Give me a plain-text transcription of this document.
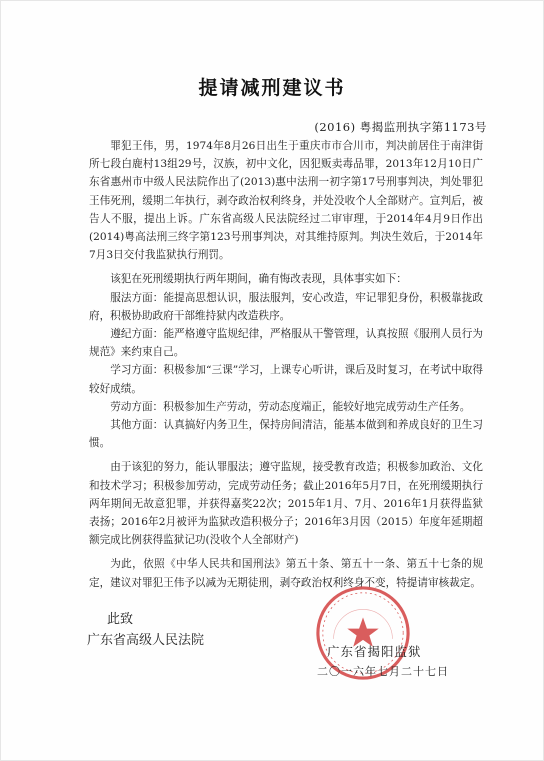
提请减刑建议书
(2016) 粤揭监刑执字第1173号

罪犯王伟，男，1974年8月26日出生于重庆市市合川市，判决前居住于南津街所七段白鹿村13组29号，汉族，初中文化，因犯贩卖毒品罪，2013年12月10日广东省惠州市中级人民法院作出了(2013)惠中法刑一初字第17号刑事判决，判处罪犯王伟死刑，缓期二年执行，剥夺政治权利终身，并处没收个人全部财产。宣判后，被告人不服，提出上诉。广东省高级人民法院经过二审审理，于2014年4月9日作出(2014)粤高法刑三终字第123号刑事判决，对其维持原判。判决生效后，于2014年7月3日交付我监狱执行刑罚。

该犯在死刑缓期执行两年期间，确有悔改表现，具体事实如下：

服法方面：能提高思想认识，服法服判，安心改造，牢记罪犯身份，积极靠拢政府，积极协助政府干部维持狱内改造秩序。

遵纪方面：能严格遵守监规纪律，严格服从干警管理，认真按照《服刑人员行为规范》来约束自己。

学习方面：积极参加“三课”学习，上课专心听讲，课后及时复习，在考试中取得较好成绩。

劳动方面：积极参加生产劳动，劳动态度端正，能较好地完成劳动生产任务。

其他方面：认真搞好内务卫生，保持房间清洁，能基本做到和养成良好的卫生习惯。

由于该犯的努力，能认罪服法；遵守监规，接受教育改造；积极参加政治、文化和技术学习；积极参加劳动，完成劳动任务；截止2016年5月7日，在死刑缓期执行两年期间无故意犯罪，并获得嘉奖22次；2015年1月、7月、2016年1月获得监狱表扬；2016年2月被评为监狱改造积极分子；2016年3月因（2015）年度年延期超额完成比例获得监狱记功(没收个人全部财产)

为此，依照《中华人民共和国刑法》第五十条、第五十一条、第五十七条的规定，建议对罪犯王伟予以减为无期徒刑，剥夺政治权利终身不变，特提请审核裁定。

此致
广东省高级人民法院
广东省揭阳监狱
二〇一六年七月二十七日
